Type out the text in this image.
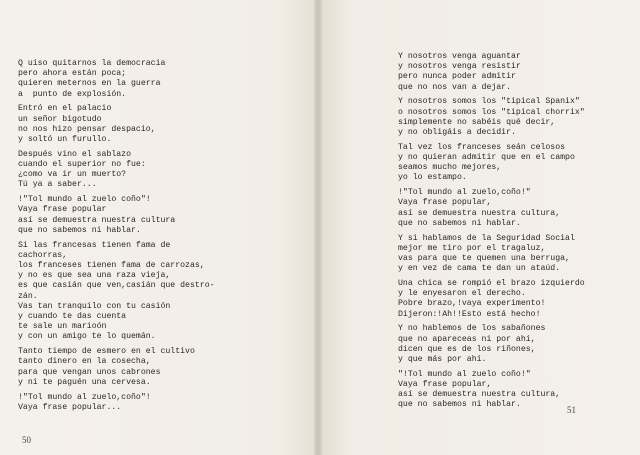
Q uiso quitarnos la democracia
pero ahora están poca;
quieren meternos en la guerra
a  punto de explosión.
Entró en el palacio
un señor bigotudo
no nos hizo pensar despacio,
y soltó un furullo.
Después vino el sablazo
cuando el superior no fue:
¿como va ir un muerto?
Tú ya a saber...
!"Tol mundo al zuelo coño"!
Vaya frase popular
así se demuestra nuestra cultura
que no sabemos ni hablar.
Si las francesas tienen fama de
cachorras,
los franceses tienen fama de carrozas,
y no es que sea una raza vieja,
es que casián que ven,casián que destro-
zán.
Vas tan tranquilo con tu casión
y cuando te das cuenta
te sale un marioón
y con un amigo te lo quemán.
Tanto tiempo de esmero en el cultivo
tanto dinero en la cosecha,
para que vengan unos cabrones
y ni te paguén una cervesa.
!"Tol mundo al zuelo,coño"!
Vaya frase popular...
50
Y nosotros venga aguantar
y nosotros venga resistir
pero nunca poder admitir
que no nos van a dejar.
Y nosotros somos los "tipical Spanix"
o nosotros somos los "tipical chorrix"
simplemente no sabéis qué decir,
y no obligáis a decidir.
Tal vez los franceses seán celosos
y no quieran admitir que en el campo
seamos mucho mejores,
yo lo estampo.
!"Tol mundo al zuelo,coño!"
Vaya frase popular,
así se demuestra nuestra cultura,
que no sabemos ni hablar.
Y si hablamos de la Seguridad Social
mejor me tiro por el tragaluz,
vas para que te quemen una berruga,
y en vez de cama te dan un ataúd.
Una chica se rompió el brazo izquierdo
y le enyesaron el derecho.
Pobre brazo,!vaya experimento!
Dijeron:!Ah!!Esto está hecho!
Y no hablemos de los sabañones
que no apareceas ni por ahí,
dicen que es de los riñones,
y que más por ahí.
"!Tol mundo al zuelo coño!"
Vaya frase popular,
así se demuestra nuestra cultura,
que no sabemos ni hablar.
51
